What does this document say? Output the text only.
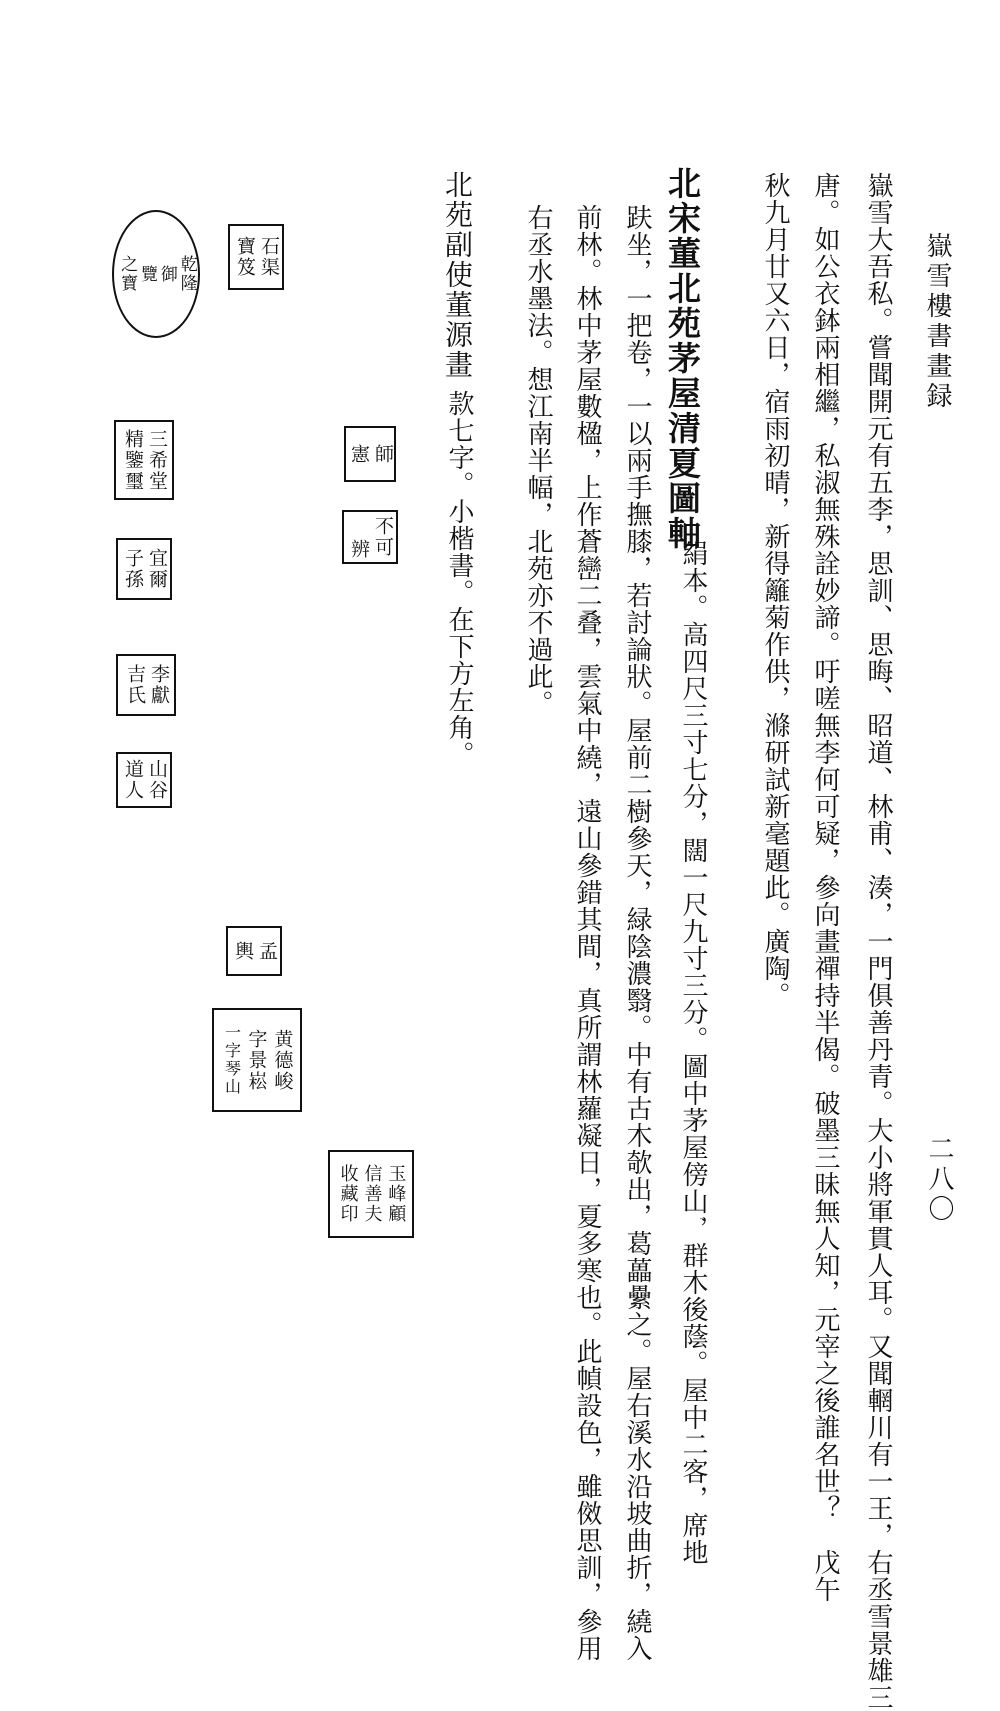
嶽雪樓書畫録
二八〇
嶽雪大吾私。嘗聞開元有五李，思訓、思晦、昭道、林甫、湊，一門俱善丹青。大小將軍貫人耳。又聞輞川有一王，右丞雪景雄三
唐。如公衣鉢兩相繼，私淑無殊詮妙諦。吁嗟無李何可疑，參向畫禪持半偈。破墨三昧無人知，元宰之後誰名世？　戊午
秋九月廿又六日，宿雨初晴，新得籬菊作供，滌研試新毫題此。廣陶。
北宋董北苑茅屋清夏圖軸
絹本。高四尺三寸七分，闊一尺九寸三分。圖中茅屋傍山，群木後蔭。屋中二客，席地
趺坐，一把卷，一以兩手撫膝，若討論狀。屋前二樹參天，緑陰濃翳。中有古木欹出，葛藟纍之。屋右溪水沿坡曲折，繞入
前林。林中茅屋數楹，上作蒼巒二叠，雲氣中繞，遠山參錯其間，真所謂林蘿凝日，夏多寒也。此幀設色，雖傚思訓，參用
右丞水墨法。想江南半幅，北苑亦不過此。
北苑副使董源畫
款七字。小楷書。在下方左角。
石渠
寶笈
乾隆
御
覽
之寶
三希堂
精鑒璽
宜爾
子孫
李獻
吉氏
山谷
道人
師
憲
不可
辨
孟
輿
黄德峻
字景崧
一字琴山
玉峰顧
信善夫
收藏印
